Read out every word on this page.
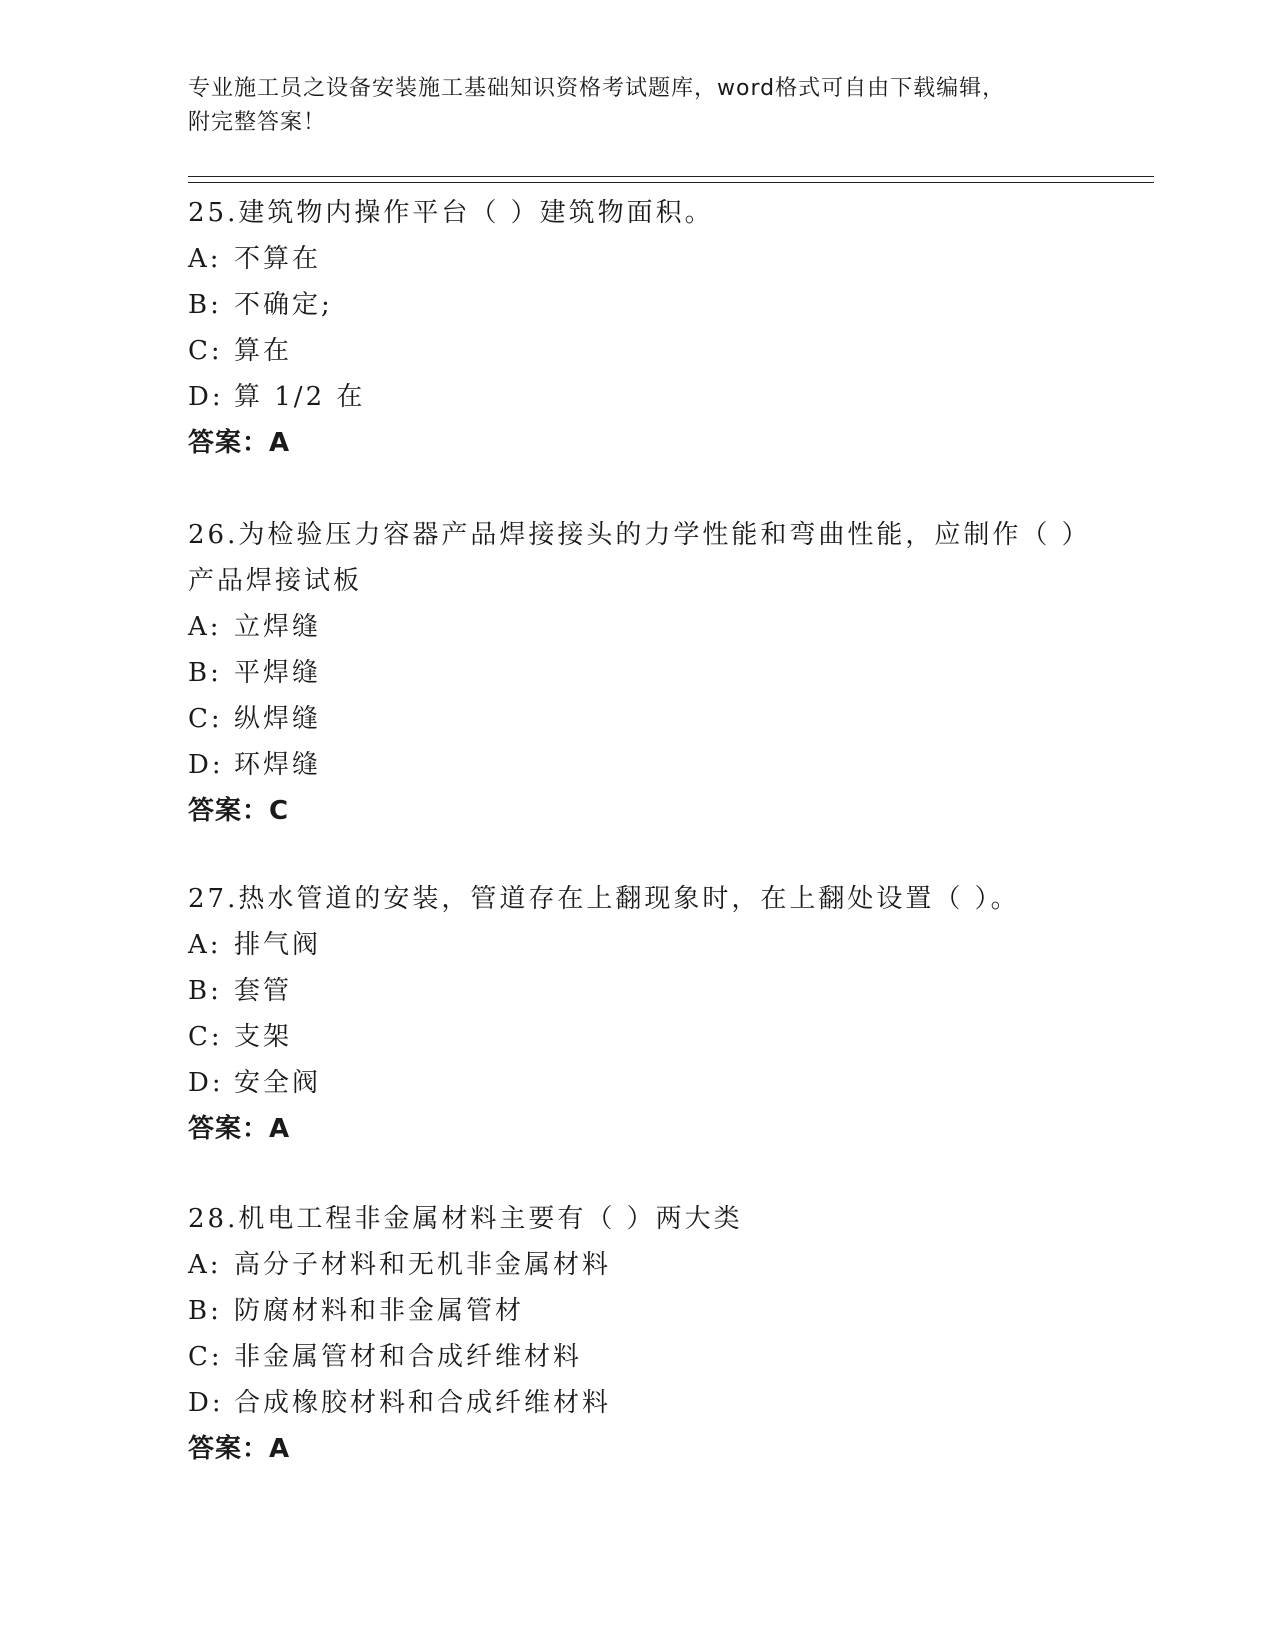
专业施工员之设备安装施工基础知识资格考试题库，word格式可自由下载编辑，
附完整答案！
25.建筑物内操作平台（ ）建筑物面积。
A: 不算在
B: 不确定;
C: 算在
D: 算 1/2 在
答案：A
26.为检验压力容器产品焊接接头的力学性能和弯曲性能，应制作（ ）产品焊接试板
A: 立焊缝
B: 平焊缝
C: 纵焊缝
D: 环焊缝
答案：C
27.热水管道的安装，管道存在上翻现象时，在上翻处设置（ ）。
A: 排气阀
B: 套管
C: 支架
D: 安全阀
答案：A
28.机电工程非金属材料主要有（ ）两大类
A: 高分子材料和无机非金属材料
B: 防腐材料和非金属管材
C: 非金属管材和合成纤维材料
D: 合成橡胶材料和合成纤维材料
答案：A
